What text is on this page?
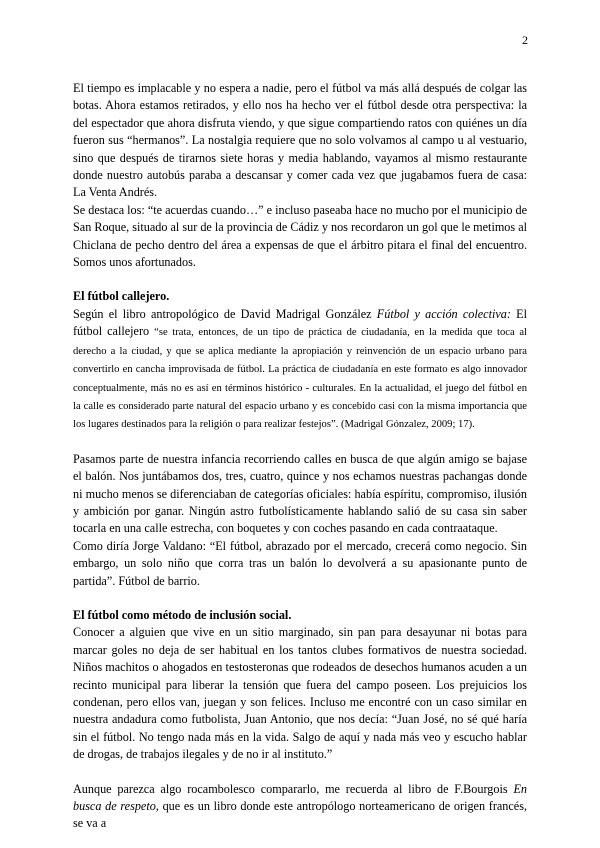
2

El tiempo es implacable y no espera a nadie, pero el fútbol va más allá después de colgar las botas. Ahora estamos retirados, y ello nos ha hecho ver el fútbol desde otra perspectiva: la del espectador que ahora disfruta viendo, y que sigue compartiendo ratos con quiénes un día fueron sus “hermanos”. La nostalgia requiere que no solo volvamos al campo u al vestuario, sino que después de tirarnos siete horas y media hablando, vayamos al mismo restaurante donde nuestro autobús paraba a descansar y comer cada vez que jugabamos fuera de casa: La Venta Andrés.

Se destaca los: “te acuerdas cuando…” e incluso paseaba hace no mucho por el municipio de San Roque, situado al sur de la provincia de Cádiz y nos recordaron un gol que le metimos al Chiclana de pecho dentro del área a expensas de que el árbitro pitara el final del encuentro. Somos unos afortunados.

El fútbol callejero.

Según el libro antropológico de David Madrigal González Fútbol y acción colectiva: El fútbol callejero “se trata, entonces, de un tipo de práctica de ciudadanía, en la medida que toca al derecho a la ciudad, y que se aplica mediante la apropiación y reinvención de un espacio urbano para convertirlo en cancha improvisada de fútbol. La práctica de ciudadanía en este formato es algo innovador conceptualmente, más no es así en términos histórico - culturales. En la actualidad, el juego del fútbol en la calle es considerado parte natural del espacio urbano y es concebido casi con la misma importancia que los lugares destinados para la religión o para realizar festejos”. (Madrigal Gónzalez, 2009; 17).

Pasamos parte de nuestra infancia recorriendo calles en busca de que algún amigo se bajase el balón. Nos juntábamos dos, tres, cuatro, quince y nos echamos nuestras pachangas donde ni mucho menos se diferenciaban de categorías oficiales: había espíritu, compromiso, ilusión y ambición por ganar. Ningún astro futbolísticamente hablando salió de su casa sin saber tocarla en una calle estrecha, con boquetes y con coches pasando en cada contraataque.

Como diría Jorge Valdano: “El fútbol, abrazado por el mercado, crecerá como negocio. Sin embargo, un solo niño que corra tras un balón lo devolverá a su apasionante punto de partida”. Fútbol de barrio.

El fútbol como método de inclusión social.

Conocer a alguien que vive en un sitio marginado, sin pan para desayunar ni botas para marcar goles no deja de ser habitual en los tantos clubes formativos de nuestra sociedad. Niños machitos o ahogados en testosteronas que rodeados de desechos humanos acuden a un recinto municipal para liberar la tensión que fuera del campo poseen. Los prejuicios los condenan, pero ellos van, juegan y son felices. Incluso me encontré con un caso similar en nuestra andadura como futbolista, Juan Antonio, que nos decía: “Juan José, no sé qué haría sin el fútbol. No tengo nada más en la vida. Salgo de aquí y nada más veo y escucho hablar de drogas, de trabajos ilegales y de no ir al instituto.”

Aunque parezca algo rocambolesco compararlo, me recuerda al libro de F.Bourgois En busca de respeto, que es un libro donde este antropólogo norteamericano de origen francés, se va a
